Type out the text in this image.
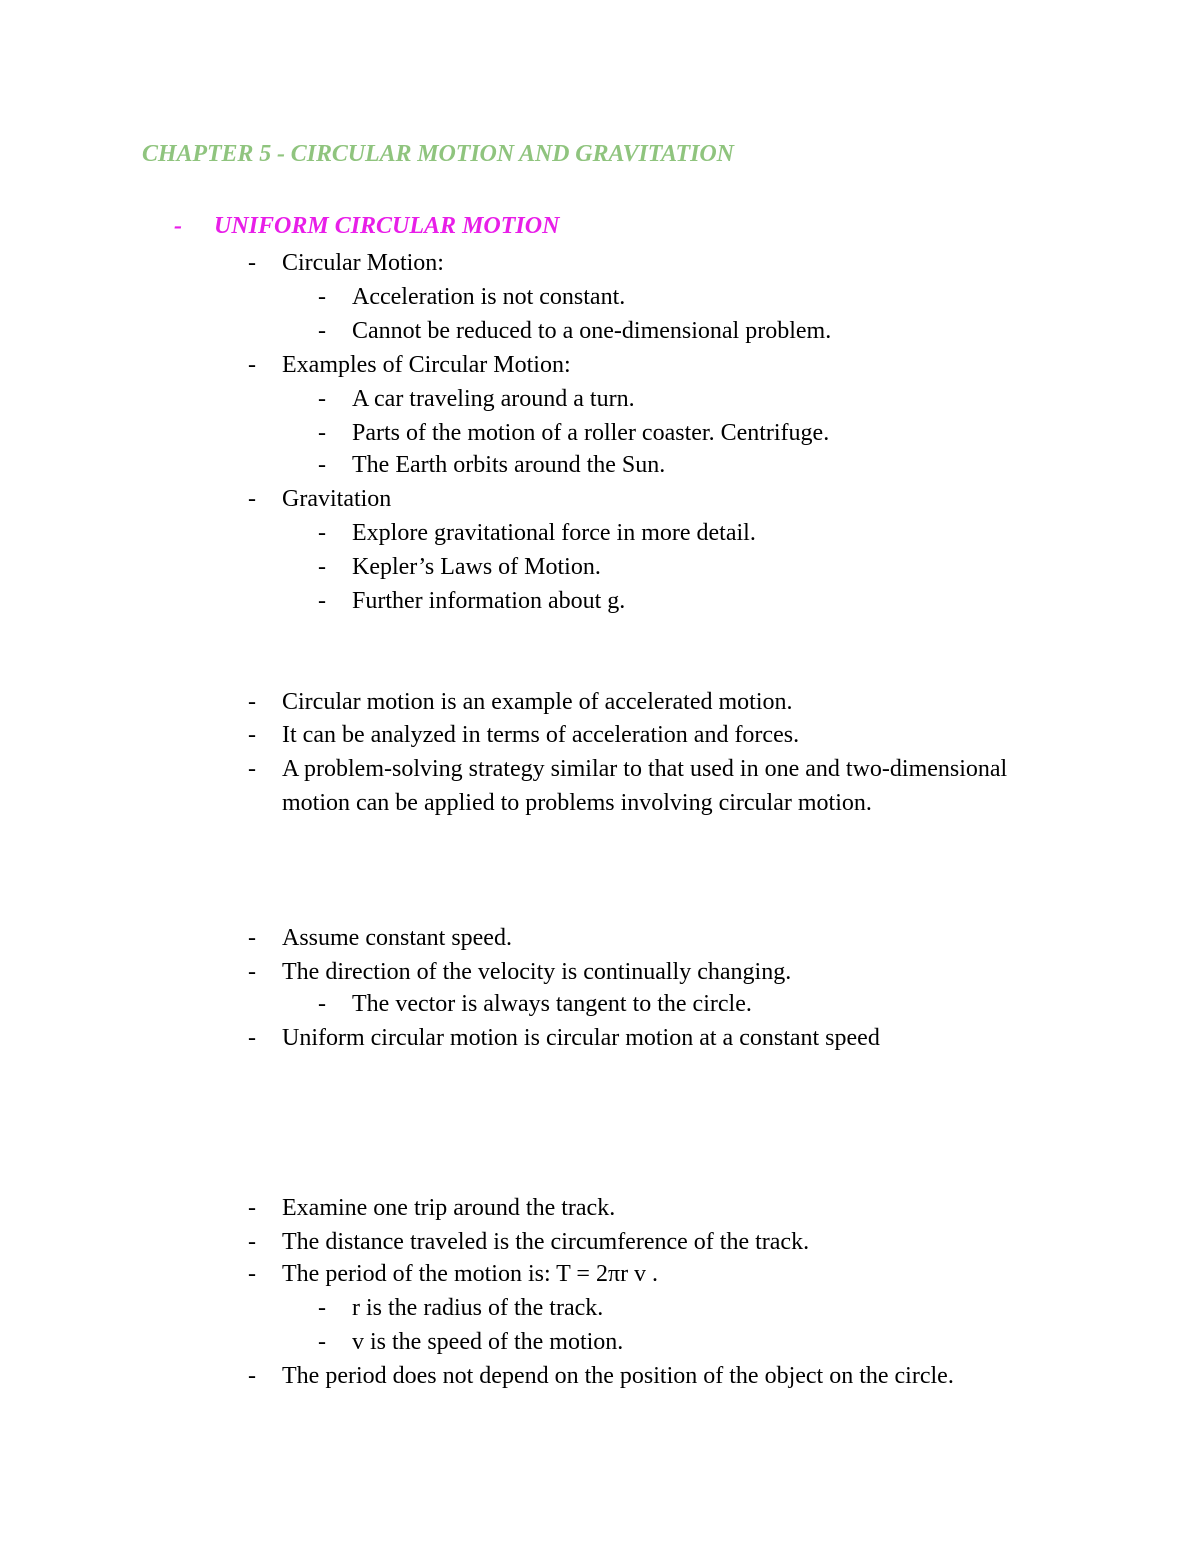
CHAPTER 5 - CIRCULAR MOTION AND GRAVITATION
- UNIFORM CIRCULAR MOTION
- Circular Motion:
- Acceleration is not constant.
- Cannot be reduced to a one-dimensional problem.
- Examples of Circular Motion:
- A car traveling around a turn.
- Parts of the motion of a roller coaster. Centrifuge.
- The Earth orbits around the Sun.
- Gravitation
- Explore gravitational force in more detail.
- Kepler’s Laws of Motion.
- Further information about g.
- Circular motion is an example of accelerated motion.
- It can be analyzed in terms of acceleration and forces.
- A problem-solving strategy similar to that used in one and two-dimensional
motion can be applied to problems involving circular motion.
- Assume constant speed.
- The direction of the velocity is continually changing.
- The vector is always tangent to the circle.
- Uniform circular motion is circular motion at a constant speed
- Examine one trip around the track.
- The distance traveled is the circumference of the track.
- The period of the motion is: T = 2πr v .
- r is the radius of the track.
- v is the speed of the motion.
- The period does not depend on the position of the object on the circle.
